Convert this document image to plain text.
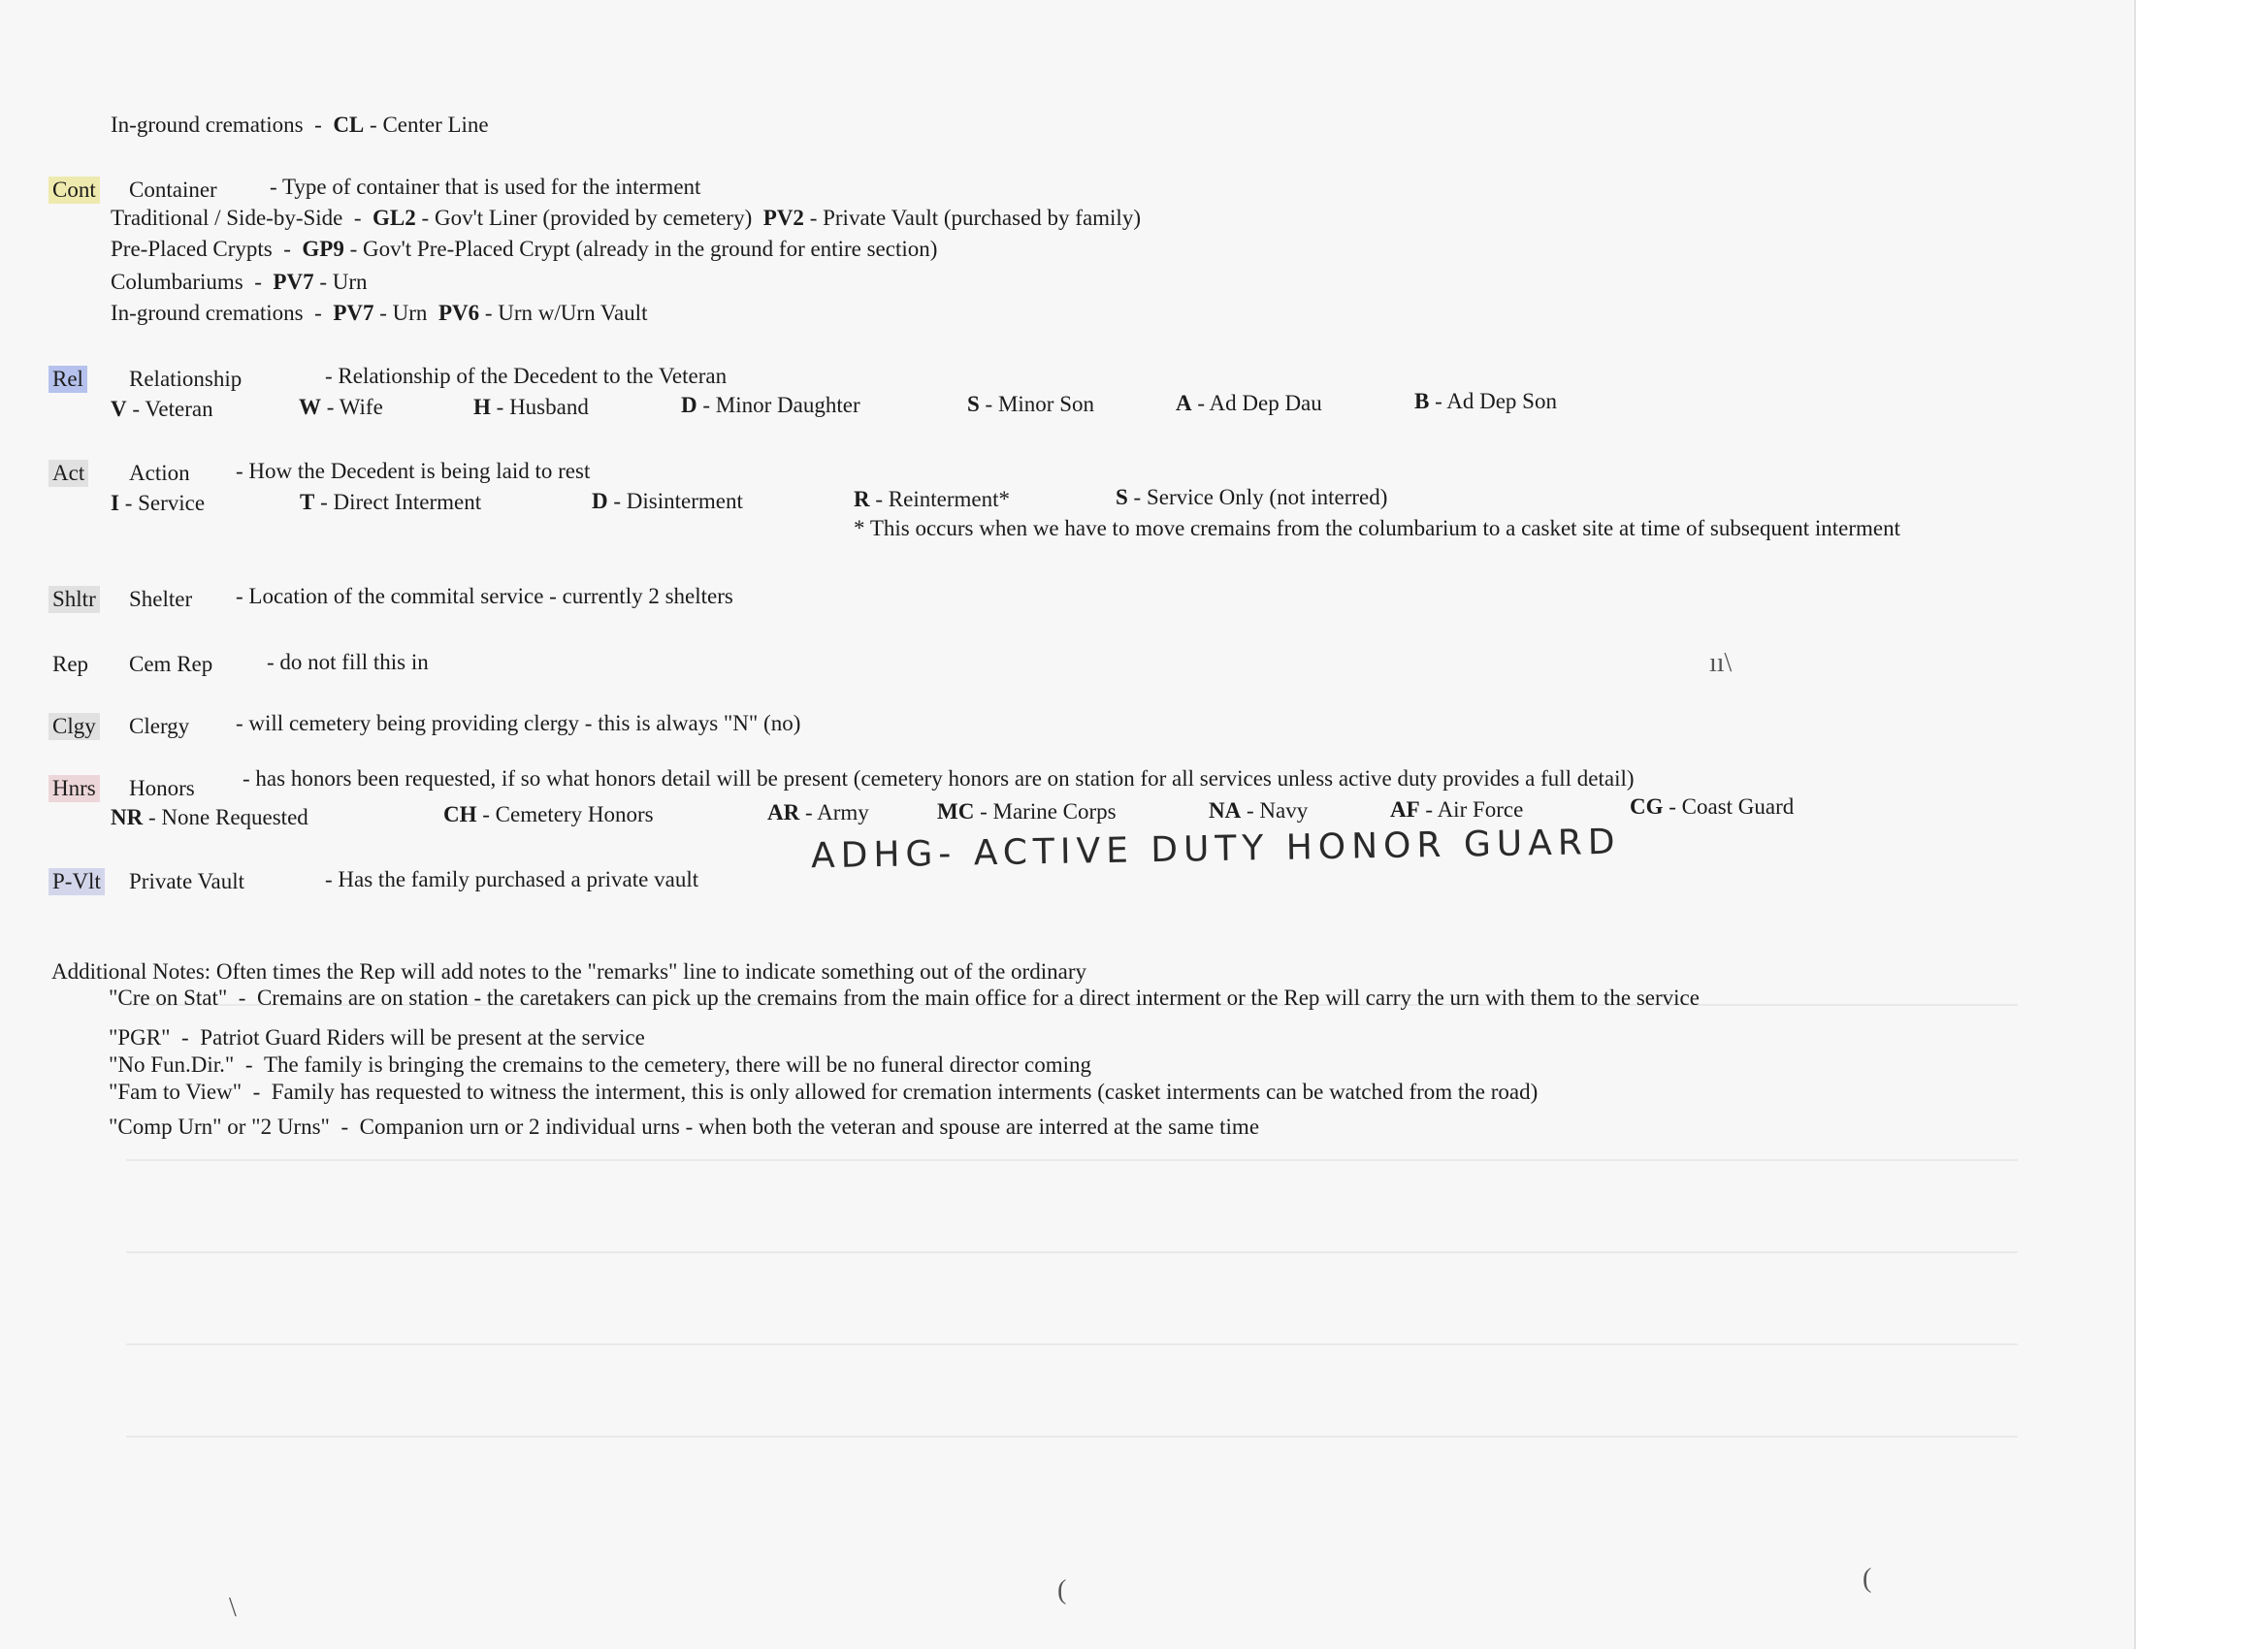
In-ground cremations  -  CL - Center Line
Cont Container - Type of container that is used for the interment
Traditional / Side-by-Side  -  GL2 - Gov't Liner (provided by cemetery) PV2 - Private Vault (purchased by family)
Pre-Placed Crypts  -  GP9 - Gov't Pre-Placed Crypt (already in the ground for entire section)
Columbariums  -  PV7 - Urn
In-ground cremations  -  PV7 - Urn PV6 - Urn w/Urn Vault
Rel Relationship	- Relationship of the Decedent to the Veteran
V - Veteran	W - Wife	H - Husband	D - Minor Daughter	S - Minor Son	A - Ad Dep Dau	B - Ad Dep Son
Act Action - How the Decedent is being laid to rest
I - Service	T - Direct Interment	D - Disinterment	R - Reinterment*	S - Service Only (not interred)
* This occurs when we have to move cremains from the columbarium to a casket site at time of subsequent interment
Shltr Shelter - Location of the commital service - currently 2 shelters
Rep Cem Rep - do not fill this in
Clgy Clergy - will cemetery being providing clergy - this is always "N" (no)
Hnrs Honors - has honors been requested, if so what honors detail will be present (cemetery honors are on station for all services unless active duty provides a full detail)
NR - None Requested	CH - Cemetery Honors	AR - Army	MC - Marine Corps	NA - Navy	AF - Air Force	CG - Coast Guard
ADHG- ACTIVE DUTY HONOR GUARD
P-Vlt Private Vault	- Has the family purchased a private vault
Additional Notes: Often times the Rep will add notes to the "remarks" line to indicate something out of the ordinary
"Cre on Stat"  -  Cremains are on station - the caretakers can pick up the cremains from the main office for a direct interment or the Rep will carry the urn with them to the service
"PGR"  -  Patriot Guard Riders will be present at the service
"No Fun.Dir."  -  The family is bringing the cremains to the cemetery, there will be no funeral director coming
"Fam to View"  -  Family has requested to witness the interment, this is only allowed for cremation interments (casket interments can be watched from the road)
"Comp Urn" or "2 Urns"  -  Companion urn or 2 individual urns - when both the veteran and spouse are interred at the same time
ıı\
\
(	(
